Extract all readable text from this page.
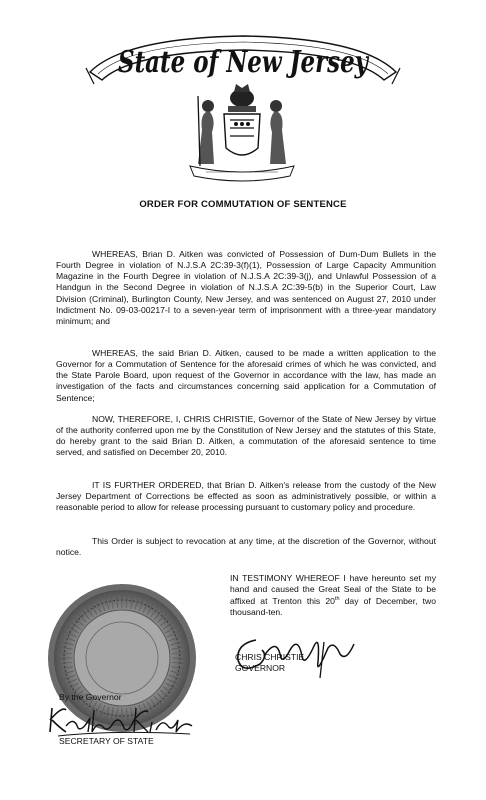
State of New Jersey
ORDER FOR COMMUTATION OF SENTENCE

WHEREAS, Brian D. Aitken was convicted of Possession of Dum-Dum Bullets in the Fourth Degree in violation of N.J.S.A 2C:39-3(f)(1), Possession of Large Capacity Ammunition Magazine in the Fourth Degree in violation of N.J.S.A 2C:39-3(j), and Unlawful Possession of a Handgun in the Second Degree in violation of N.J.S.A 2C:39-5(b) in the Superior Court, Law Division (Criminal), Burlington County, New Jersey, and was sentenced on August 27, 2010 under Indictment No. 09-03-00217-I to a seven-year term of imprisonment with a three-year mandatory minimum; and

WHEREAS, the said Brian D. Aitken, caused to be made a written application to the Governor for a Commutation of Sentence for the aforesaid crimes of which he was convicted, and the State Parole Board, upon request of the Governor in accordance with the law, has made an investigation of the facts and circumstances concerning said application for a Commutation of Sentence;

NOW, THEREFORE, I, CHRIS CHRISTIE, Governor of the State of New Jersey by virtue of the authority conferred upon me by the Constitution of New Jersey and the statutes of this State, do hereby grant to the said Brian D. Aitken, a commutation of the aforesaid sentence to time served, and satisfied on December 20, 2010.

IT IS FURTHER ORDERED, that Brian D. Aitken's release from the custody of the New Jersey Department of Corrections be effected as soon as administratively possible, or within a reasonable period to allow for release processing pursuant to customary policy and procedure.

This Order is subject to revocation at any time, at the discretion of the Governor, without notice.

IN TESTIMONY WHEREOF I have hereunto set my hand and caused the Great Seal of the State to be affixed at Trenton this 20th day of December, two thousand-ten.
CHRIS CHRISTIE
GOVERNOR
By the Governor
SECRETARY OF STATE
